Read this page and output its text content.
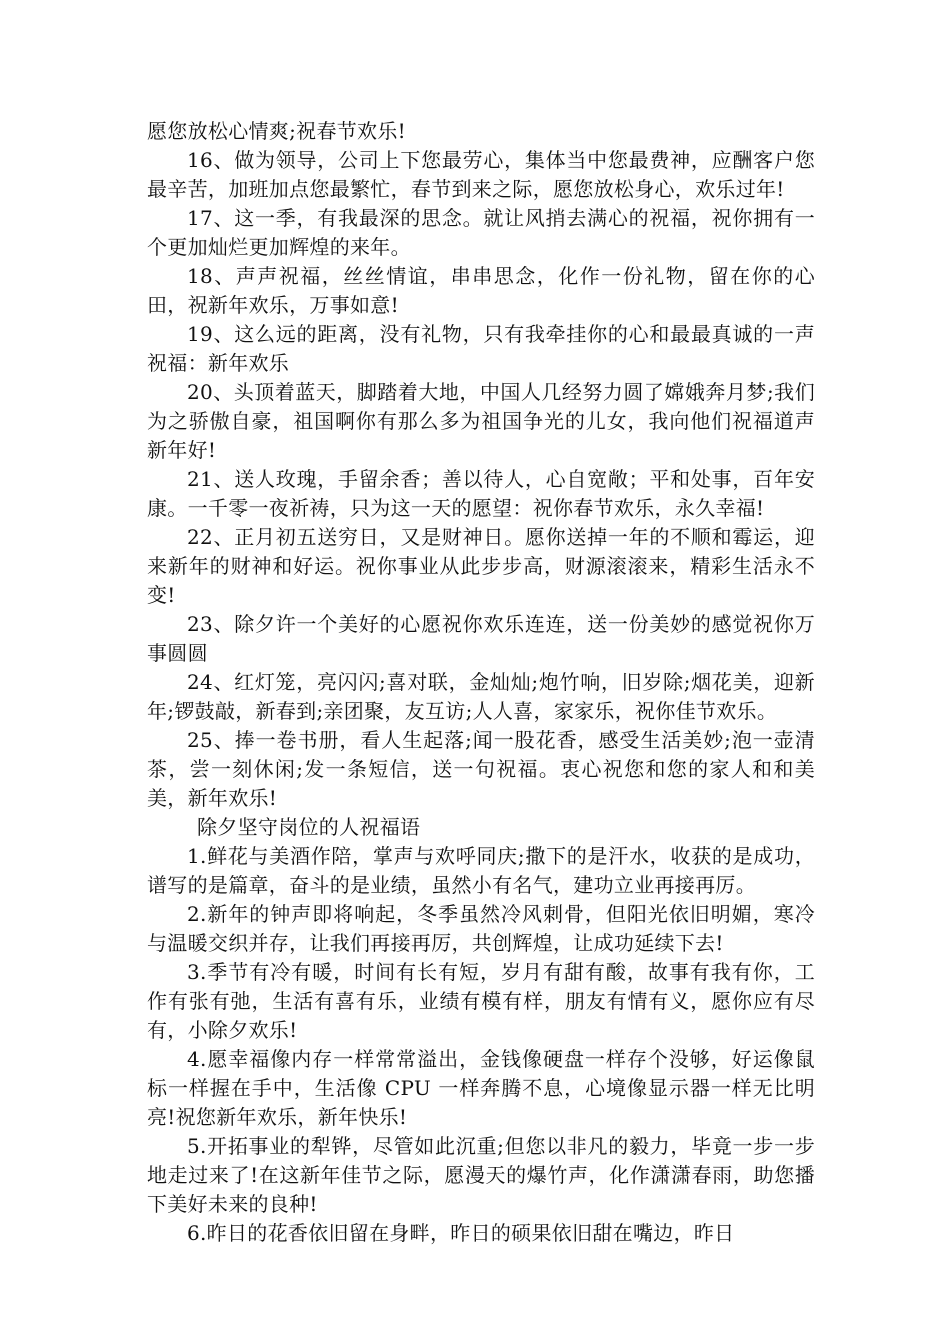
愿您放松心情爽;祝春节欢乐!

16、做为领导，公司上下您最劳心，集体当中您最费神，应酬客户您最辛苦，加班加点您最繁忙，春节到来之际，愿您放松身心，欢乐过年!

17、这一季，有我最深的思念。就让风捎去满心的祝福，祝你拥有一个更加灿烂更加辉煌的来年。

18、声声祝福，丝丝情谊，串串思念，化作一份礼物，留在你的心田，祝新年欢乐，万事如意!

19、这么远的距离，没有礼物，只有我牵挂你的心和最最真诚的一声祝福：新年欢乐

20、头顶着蓝天，脚踏着大地，中国人几经努力圆了嫦娥奔月梦;我们为之骄傲自豪，祖国啊你有那么多为祖国争光的儿女，我向他们祝福道声新年好!

21、送人玫瑰，手留余香；善以待人，心自宽敞；平和处事，百年安康。一千零一夜祈祷，只为这一天的愿望：祝你春节欢乐，永久幸福!

22、正月初五送穷日，又是财神日。愿你送掉一年的不顺和霉运，迎来新年的财神和好运。祝你事业从此步步高，财源滚滚来，精彩生活永不变!

23、除夕许一个美好的心愿祝你欢乐连连，送一份美妙的感觉祝你万事圆圆

24、红灯笼，亮闪闪;喜对联，金灿灿;炮竹响，旧岁除;烟花美，迎新年;锣鼓敲，新春到;亲团聚，友互访;人人喜，家家乐，祝你佳节欢乐。

25、捧一卷书册，看人生起落;闻一股花香，感受生活美妙;泡一壶清茶，尝一刻休闲;发一条短信，送一句祝福。衷心祝您和您的家人和和美美，新年欢乐!

除夕坚守岗位的人祝福语

1.鲜花与美酒作陪，掌声与欢呼同庆;撒下的是汗水，收获的是成功，谱写的是篇章，奋斗的是业绩，虽然小有名气，建功立业再接再厉。

2.新年的钟声即将响起，冬季虽然冷风刺骨，但阳光依旧明媚，寒冷与温暖交织并存，让我们再接再厉，共创辉煌，让成功延续下去!

3.季节有冷有暖，时间有长有短，岁月有甜有酸，故事有我有你，工作有张有弛，生活有喜有乐，业绩有模有样，朋友有情有义，愿你应有尽有，小除夕欢乐!

4.愿幸福像内存一样常常溢出，金钱像硬盘一样存个没够，好运像鼠标一样握在手中，生活像 CPU 一样奔腾不息，心境像显示器一样无比明亮!祝您新年欢乐，新年快乐!

5.开拓事业的犁铧，尽管如此沉重;但您以非凡的毅力，毕竟一步一步地走过来了!在这新年佳节之际，愿漫天的爆竹声，化作潇潇春雨，助您播下美好未来的良种!

6.昨日的花香依旧留在身畔，昨日的硕果依旧甜在嘴边，昨日
